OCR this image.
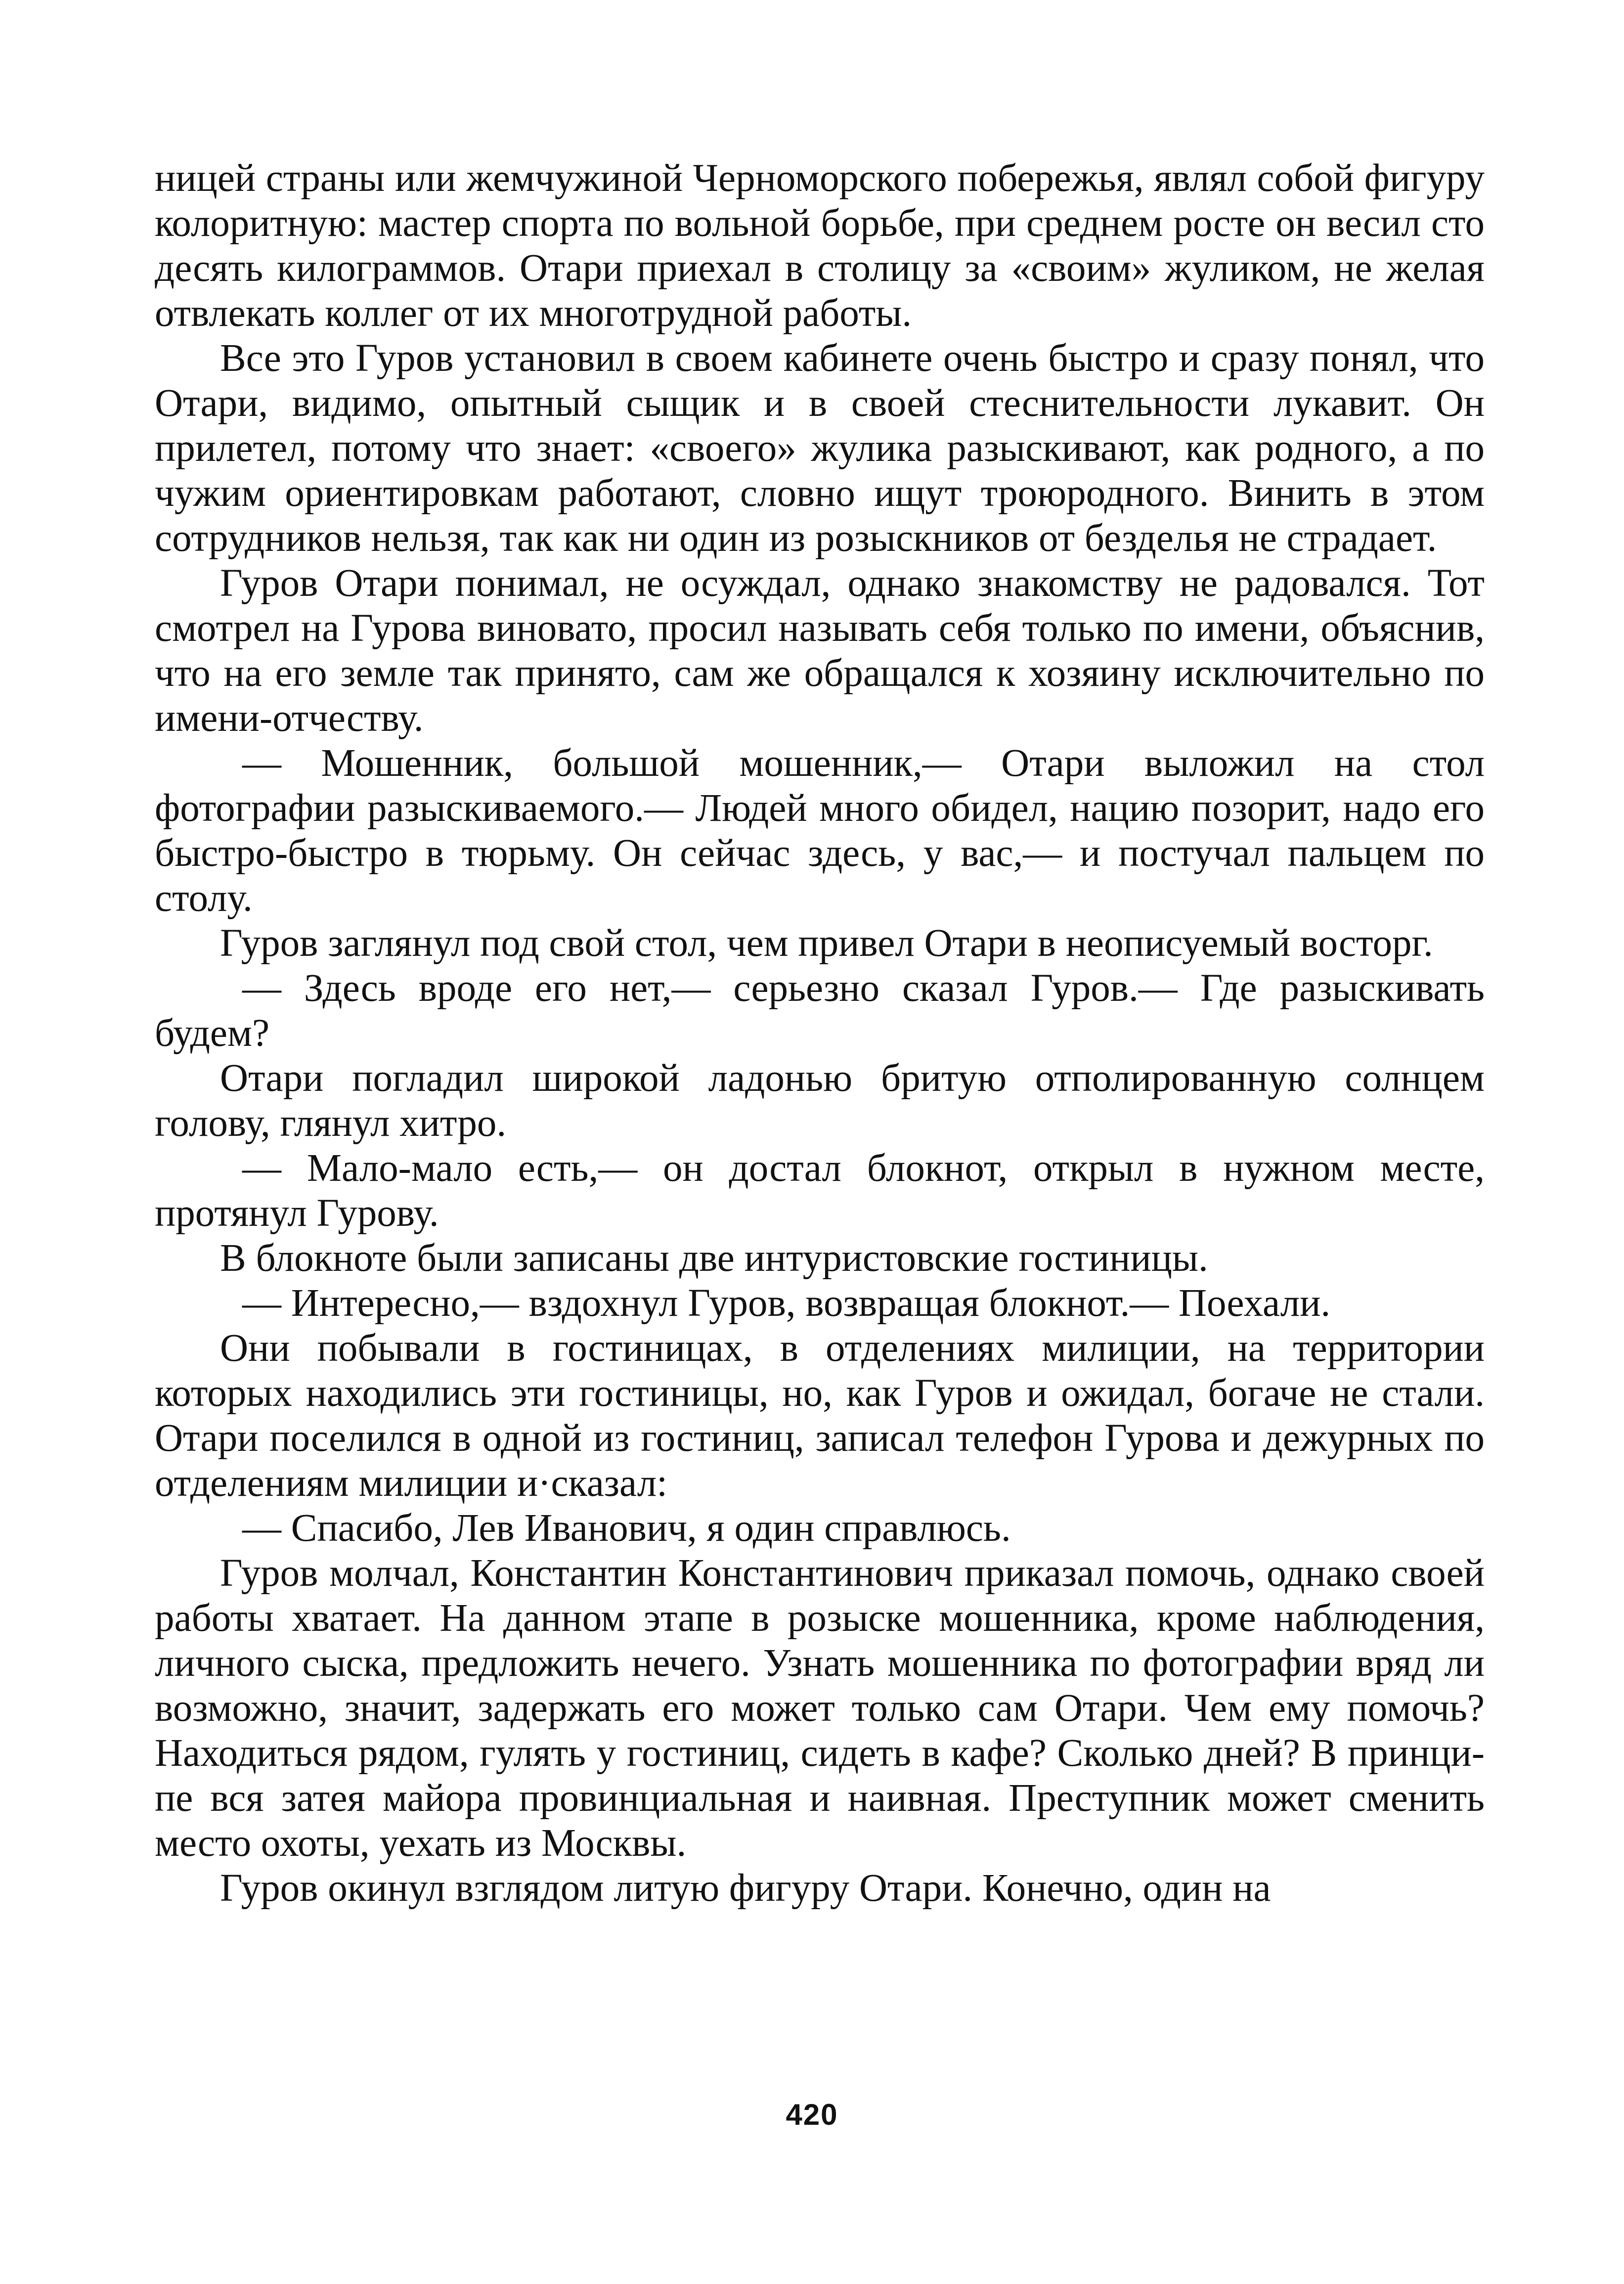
ницей страны или жемчужиной Черноморского побережья, являл собой фигуру колоритную: мастер спорта по вольной борьбе, при среднем росте он весил сто десять килограммов. Отари приехал в столицу за «своим» жуликом, не желая отвлекать коллег от их многотрудной работы.

Все это Гуров установил в своем кабинете очень быстро и сразу понял, что Отари, видимо, опытный сыщик и в своей стеснительности лукавит. Он прилетел, потому что знает: «своего» жулика разыскивают, как родного, а по чужим ориентировкам работают, словно ищут троюродного. Винить в этом сотрудников нельзя, так как ни один из розыскников от безделья не страдает.

Гуров Отари понимал, не осуждал, однако знакомству не радовался. Тот смотрел на Гурова виновато, просил называть себя только по имени, объяснив, что на его земле так принято, сам же обращался к хозяину исключительно по имени-отчеству.

— Мошенник, большой мошенник,— Отари выложил на стол фотографии разыскиваемого.— Людей много обидел, нацию позорит, надо его быстро-быстро в тюрьму. Он сейчас здесь, у вас,— и постучал пальцем по столу.

Гуров заглянул под свой стол, чем привел Отари в неописуемый восторг.

— Здесь вроде его нет,— серьезно сказал Гуров.— Где разыскивать будем?

Отари погладил широкой ладонью бритую отполированную солнцем голову, глянул хитро.

— Мало-мало есть,— он достал блокнот, открыл в нужном месте, протянул Гурову.

В блокноте были записаны две интуристовские гостиницы.

— Интересно,— вздохнул Гуров, возвращая блокнот.— Поехали.

Они побывали в гостиницах, в отделениях милиции, на территории которых находились эти гостиницы, но, как Гуров и ожидал, богаче не стали. Отари поселился в одной из гостиниц, записал телефон Гурова и дежурных по отделениям милиции и·сказал:

— Спасибо, Лев Иванович, я один справлюсь.

Гуров молчал, Константин Константинович приказал помочь, однако своей работы хватает. На данном этапе в розыске мошенника, кроме наблюдения, личного сыска, предложить нечего. Узнать мошенника по фотографии вряд ли возможно, значит, задержать его может только сам Отари. Чем ему помочь? Находиться рядом, гулять у гостиниц, сидеть в кафе? Сколько дней? В принципе вся затея майора провинциальная и наивная. Преступник может сменить место охоты, уехать из Москвы.

Гуров окинул взглядом литую фигуру Отари. Конечно, один на

420
